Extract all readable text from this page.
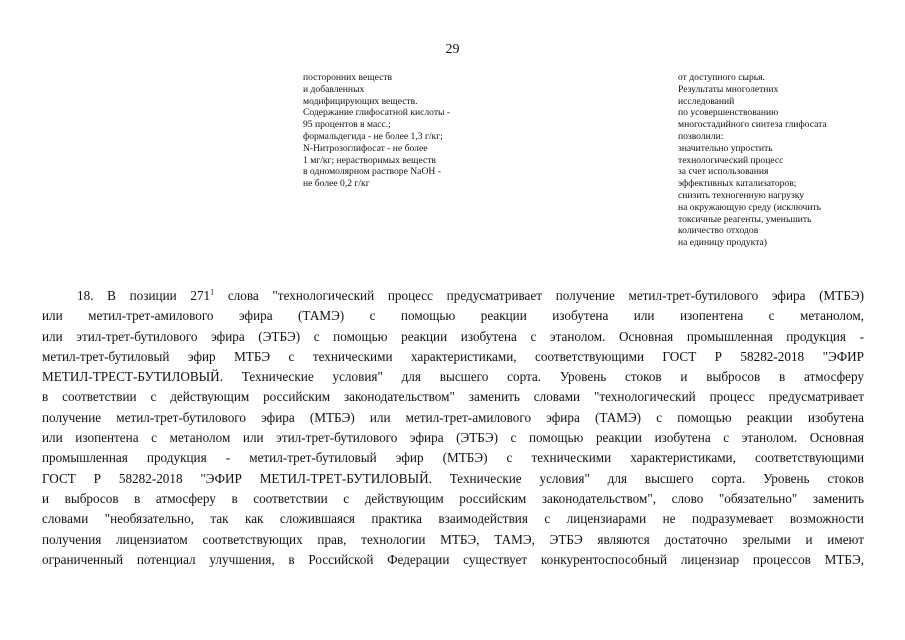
29
посторонних веществ
и добавленных
модифицирующих веществ.
Содержание глифосатной кислоты -
95 процентов в масс.;
формальдегида - не более 1,3 г/кг;
N-Нитрозоглифосат - не более
1 мг/кг; нерастворимых веществ
в одномолярном растворе NaOH -
не более 0,2 г/кг
от доступного сырья.
Результаты многолетних
исследований
по усовершенствованию
многостадийного синтеза глифосата
позволили:
значительно упростить
технологический процесс
за счет использования
эффективных катализаторов;
снизить техногенную нагрузку
на окружающую среду (исключить
токсичные реагенты, уменьшить
количество отходов
на единицу продукта)
18. В позиции $271^1$ слова "технологический процесс предусматривает получение метил-трет-бутилового эфира (МТБЭ)
или метил-трет-амилового эфира (ТАМЭ) с помощью реакции изобутена или изопентена с метанолом,
или этил-трет-бутилового эфира (ЭТБЭ) с помощью реакции изобутена с этанолом. Основная промышленная продукция -
метил-трет-бутиловый эфир МТБЭ с техническими характеристиками, соответствующими ГОСТ Р 58282-2018 "ЭФИР
МЕТИЛ-ТРЕСТ-БУТИЛОВЫЙ. Технические условия" для высшего сорта. Уровень стоков и выбросов в атмосферу
в соответствии с действующим российским законодательством" заменить словами "технологический процесс предусматривает
получение метил-трет-бутилового эфира (МТБЭ) или метил-трет-амилового эфира (ТАМЭ) с помощью реакции изобутена
или изопентена с метанолом или этил-трет-бутилового эфира (ЭТБЭ) с помощью реакции изобутена с этанолом. Основная
промышленная продукция - метил-трет-бутиловый эфир (МТБЭ) с техническими характеристиками, соответствующими
ГОСТ Р 58282-2018 "ЭФИР МЕТИЛ-ТРЕТ-БУТИЛОВЫЙ. Технические условия" для высшего сорта. Уровень стоков
и выбросов в атмосферу в соответствии с действующим российским законодательством", слово "обязательно" заменить
словами "необязательно, так как сложившаяся практика взаимодействия с лицензиарами не подразумевает возможности
получения лицензиатом соответствующих прав, технологии МТБЭ, ТАМЭ, ЭТБЭ являются достаточно зрелыми и имеют
ограниченный потенциал улучшения, в Российской Федерации существует конкурентоспособный лицензиар процессов МТБЭ,
